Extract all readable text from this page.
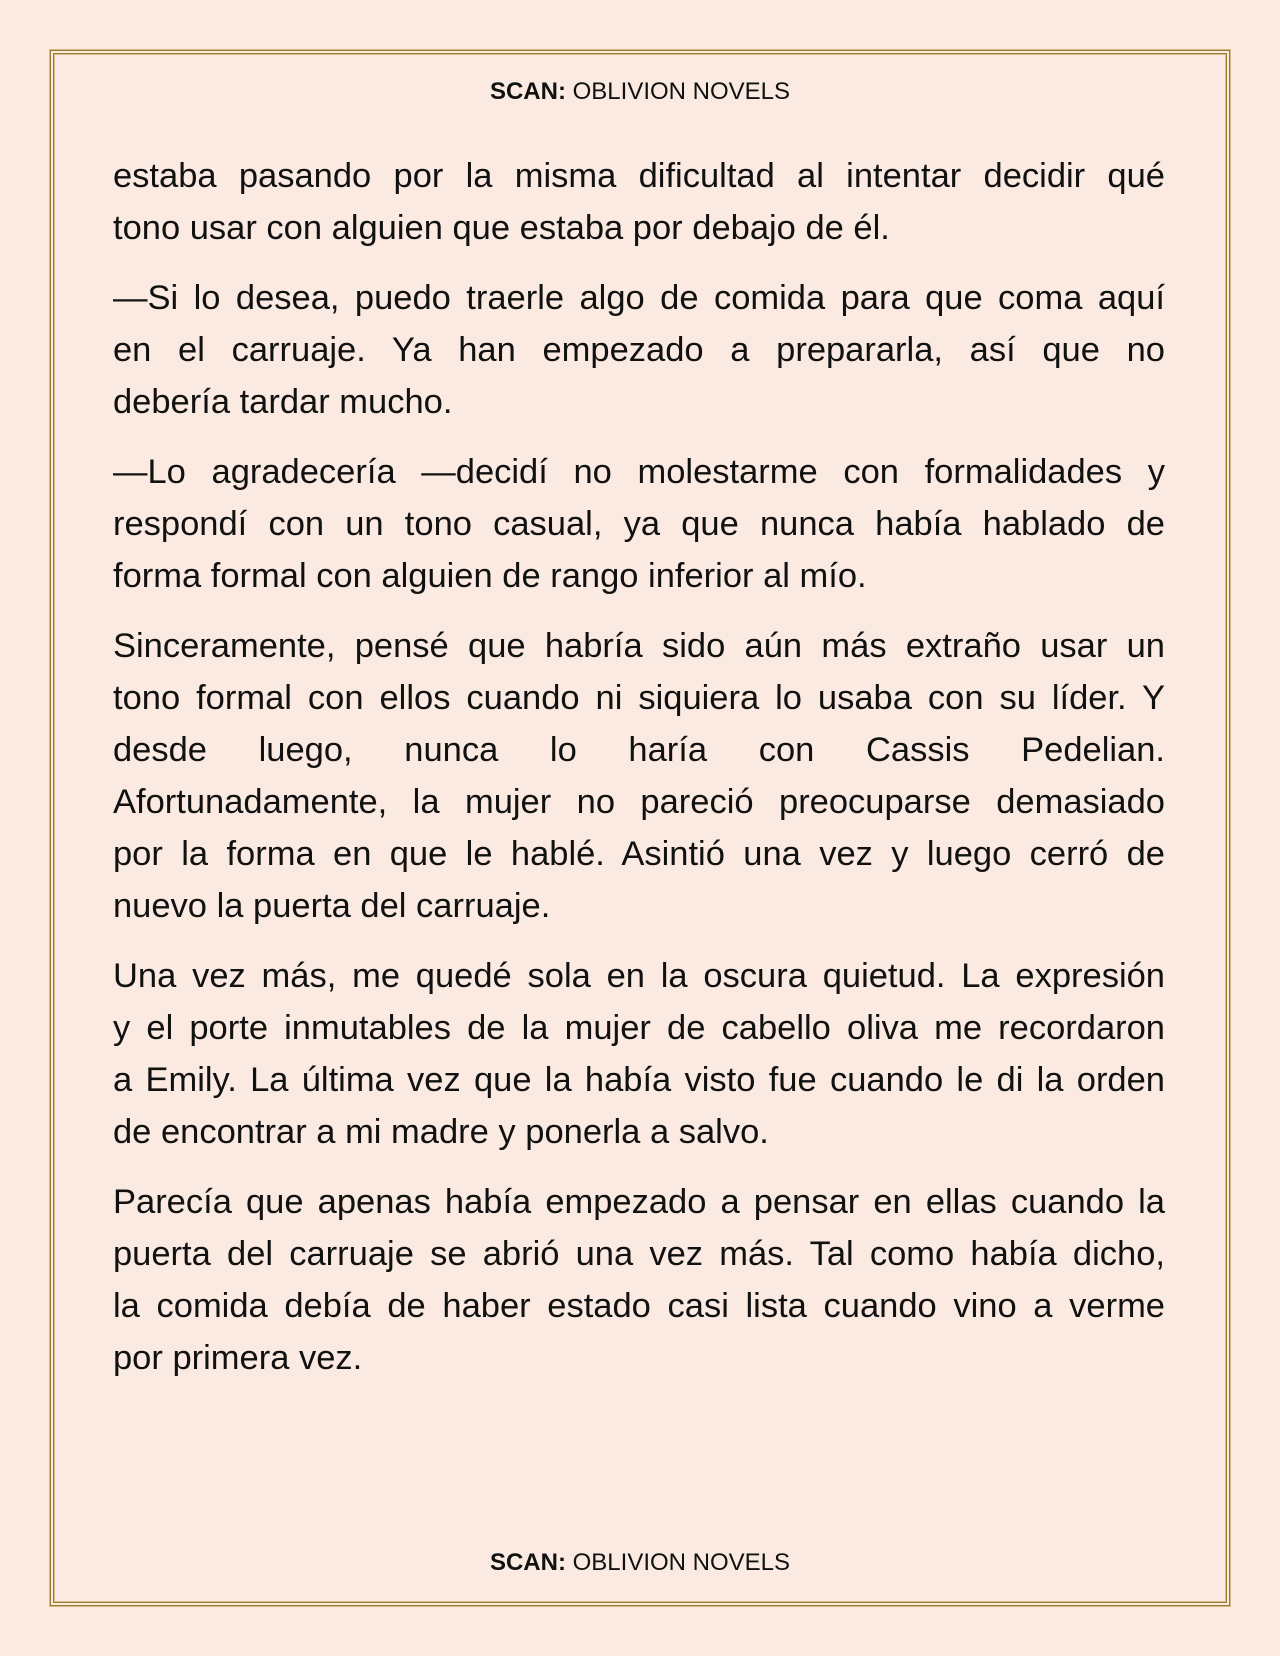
SCAN: OBLIVION NOVELS
estaba pasando por la misma dificultad al intentar decidir qué
tono usar con alguien que estaba por debajo de él.
—Si lo desea, puedo traerle algo de comida para que coma aquí
en el carruaje. Ya han empezado a prepararla, así que no
debería tardar mucho.
—Lo agradecería —decidí no molestarme con formalidades y
respondí con un tono casual, ya que nunca había hablado de
forma formal con alguien de rango inferior al mío.
Sinceramente, pensé que habría sido aún más extraño usar un
tono formal con ellos cuando ni siquiera lo usaba con su líder. Y
desde luego, nunca lo haría con Cassis Pedelian.
Afortunadamente, la mujer no pareció preocuparse demasiado
por la forma en que le hablé. Asintió una vez y luego cerró de
nuevo la puerta del carruaje.
Una vez más, me quedé sola en la oscura quietud. La expresión
y el porte inmutables de la mujer de cabello oliva me recordaron
a Emily. La última vez que la había visto fue cuando le di la orden
de encontrar a mi madre y ponerla a salvo.
Parecía que apenas había empezado a pensar en ellas cuando la
puerta del carruaje se abrió una vez más. Tal como había dicho,
la comida debía de haber estado casi lista cuando vino a verme
por primera vez.
SCAN: OBLIVION NOVELS
